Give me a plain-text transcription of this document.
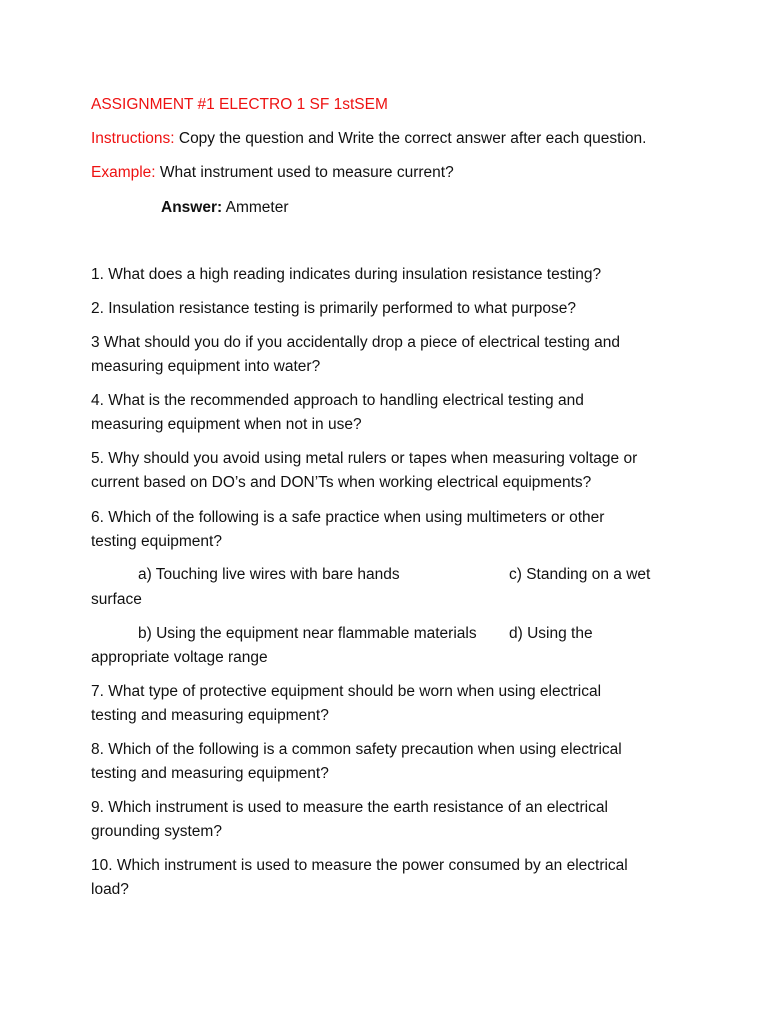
ASSIGNMENT #1 ELECTRO 1 SF 1stSEM
Instructions: Copy the question and Write the correct answer after each question.
Example: What instrument used to measure current?
Answer: Ammeter
1. What does a high reading indicates during insulation resistance testing?
2. Insulation resistance testing is primarily performed to what purpose?
3 What should you do if you accidentally drop a piece of electrical testing and
measuring equipment into water?
4. What is the recommended approach to handling electrical testing and
measuring equipment when not in use?
5. Why should you avoid using metal rulers or tapes when measuring voltage or
current based on DO’s and DON’Ts when working electrical equipments?
6. Which of the following is a safe practice when using multimeters or other
testing equipment?
a) Touching live wires with bare hands	c) Standing on a wet
surface
b) Using the equipment near flammable materials d) Using the
appropriate voltage range
7. What type of protective equipment should be worn when using electrical
testing and measuring equipment?
8. Which of the following is a common safety precaution when using electrical
testing and measuring equipment?
9. Which instrument is used to measure the earth resistance of an electrical
grounding system?
10. Which instrument is used to measure the power consumed by an electrical
load?
